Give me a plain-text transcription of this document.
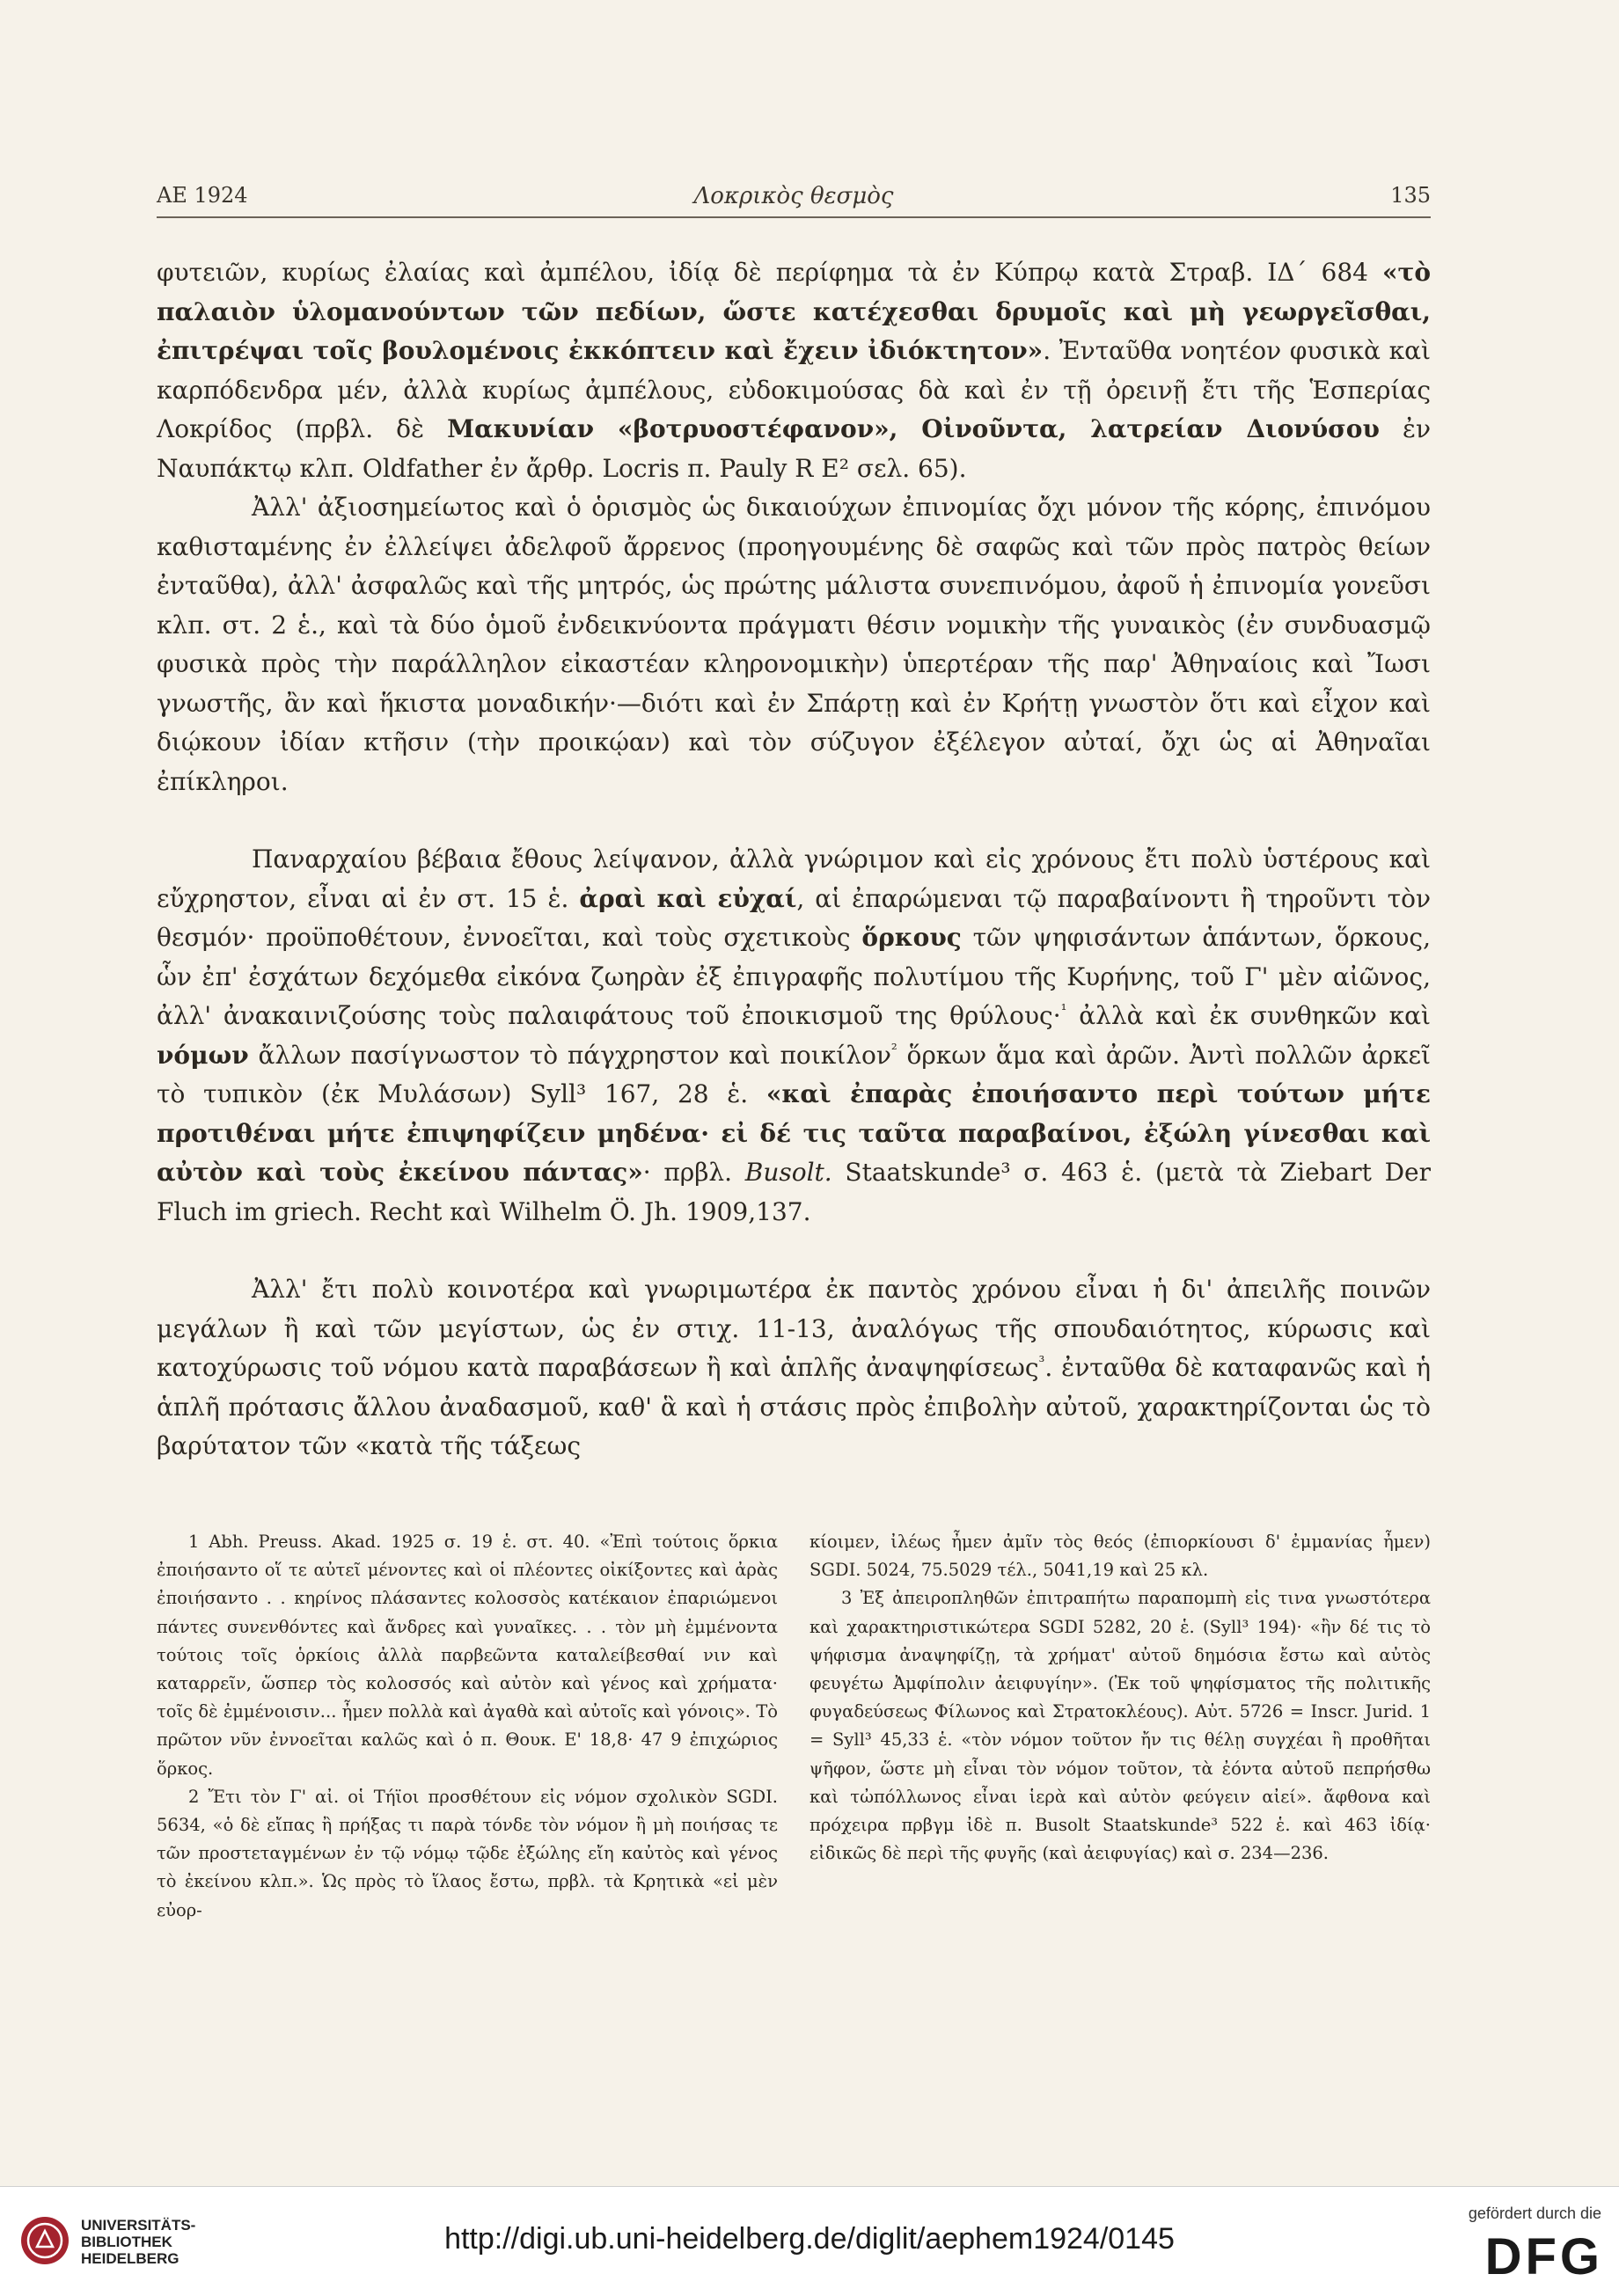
ΑΕ 1924	Λοκρικὸς θεσμὸς	135

φυτειῶν, κυρίως ἐλαίας καὶ ἀμπέλου, ἰδίᾳ δὲ περίφημα τὰ ἐν Κύπρῳ κατὰ Στραβ. ΙΔ΄ 684 «τὸ παλαιὸν ὑλομανούντων τῶν πεδίων, ὥστε κατέχεσθαι δρυμοῖς καὶ μὴ γεωργεῖσθαι, ἐπιτρέψαι τοῖς βουλομένοις ἐκκόπτειν καὶ ἔχειν ἰδιόκτητον». Ἐνταῦθα νοητέον φυσικὰ καὶ καρπόδενδρα μέν, ἀλλὰ κυρίως ἀμπέλους, εὐδοκιμούσας δὰ καὶ ἐν τῇ ὀρεινῇ ἔτι τῆς Ἑσπερίας Λοκρίδος (πρβλ. δὲ Μακυνίαν «βοτρυοστέφανον», Οἰνοῦντα, λατρείαν Διονύσου ἐν Ναυπάκτῳ κλπ. Oldfather ἐν ἄρθρ. Locris π. Pauly R E² σελ. 65).

Ἀλλ' ἀξιοσημείωτος καὶ ὁ ὁρισμὸς ὡς δικαιούχων ἐπινομίας ὄχι μόνον τῆς κόρης, ἐπινόμου καθισταμένης ἐν ἐλλείψει ἀδελφοῦ ἄρρενος (προηγουμένης δὲ σαφῶς καὶ τῶν πρὸς πατρὸς θείων ἐνταῦθα), ἀλλ' ἀσφαλῶς καὶ τῆς μητρός, ὡς πρώτης μάλιστα συνεπινόμου, ἀφοῦ ἡ ἐπινομία γονεῦσι κλπ. στ. 2 ἑ., καὶ τὰ δύο ὁμοῦ ἐνδεικνύοντα πράγματι θέσιν νομικὴν τῆς γυναικὸς (ἐν συνδυασμῷ φυσικὰ πρὸς τὴν παράλληλον εἰκαστέαν κληρονομικὴν) ὑπερτέραν τῆς παρ' Ἀθηναίοις καὶ Ἴωσι γνωστῆς, ἂν καὶ ἥκιστα μοναδικήν·—διότι καὶ ἐν Σπάρτῃ καὶ ἐν Κρήτῃ γνωστὸν ὅτι καὶ εἶχον καὶ διῴκουν ἰδίαν κτῆσιν (τὴν προικῴαν) καὶ τὸν σύζυγον ἐξέλεγον αὐταί, ὄχι ὡς αἱ Ἀθηναῖαι ἐπίκληροι.

Παναρχαίου βέβαια ἔθους λείψανον, ἀλλὰ γνώριμον καὶ εἰς χρόνους ἔτι πολὺ ὑστέρους καὶ εὔχρηστον, εἶναι αἱ ἐν στ. 15 ἑ. ἀραὶ καὶ εὐχαί, αἱ ἐπαρώμεναι τῷ παραβαίνοντι ἢ τηροῦντι τὸν θεσμόν· προϋποθέτουν, ἐννοεῖται, καὶ τοὺς σχετικοὺς ὅρκους τῶν ψηφισάντων ἁπάντων, ὅρκους, ὧν ἐπ' ἐσχάτων δεχόμεθα εἰκόνα ζωηρὰν ἐξ ἐπιγραφῆς πολυτίμου τῆς Κυρήνης, τοῦ Γ' μὲν αἰῶνος, ἀλλ' ἀνακαινιζούσης τοὺς παλαιφάτους τοῦ ἐποικισμοῦ της θρύλους·$^{^1}$ ἀλλὰ καὶ ἐκ συνθηκῶν καὶ νόμων ἄλλων πασίγνωστον τὸ πάγχρηστον καὶ ποικίλον$^{^2}$ ὅρκων ἅμα καὶ ἀρῶν. Ἀντὶ πολλῶν ἀρκεῖ τὸ τυπικὸν (ἐκ Μυλάσων) Syll³ 167, 28 ἑ. «καὶ ἐπαρὰς ἐποιήσαντο περὶ τούτων μήτε προτιθέναι μήτε ἐπιψηφίζειν μηδένα· εἰ δέ τις ταῦτα παραβαίνοι, ἐξώλη γίνεσθαι καὶ αὐτὸν καὶ τοὺς ἐκείνου πάντας»· πρβλ. Busolt. Staatskunde³ σ. 463 ἑ. (μετὰ τὰ Ziebart Der Fluch im griech. Recht καὶ Wilhelm Ö. Jh. 1909,137.

Ἀλλ' ἔτι πολὺ κοινοτέρα καὶ γνωριμωτέρα ἐκ παντὸς χρόνου εἶναι ἡ δι' ἀπειλῆς ποινῶν μεγάλων ἢ καὶ τῶν μεγίστων, ὡς ἐν στιχ. 11-13, ἀναλόγως τῆς σπουδαιότητος, κύρωσις καὶ κατοχύρωσις τοῦ νόμου κατὰ παραβάσεων ἢ καὶ ἁπλῆς ἀναψηφίσεως$^{^3}$. ἐνταῦθα δὲ καταφανῶς καὶ ἡ ἁπλῆ πρότασις ἄλλου ἀναδασμοῦ, καθ' ἃ καὶ ἡ στάσις πρὸς ἐπιβολὴν αὐτοῦ, χαρακτηρίζονται ὡς τὸ βαρύτατον τῶν «κατὰ τῆς τάξεως

1 Abh. Preuss. Akad. 1925 σ. 19 ἑ. στ. 40. «Ἐπὶ τούτοις ὅρκια ἐποιήσαντο οἵ τε αὐτεῖ μένοντες καὶ οἱ πλέοντες οἰκίξοντες καὶ ἀρὰς ἐποιήσαντο . . κηρίνος πλάσαντες κολοσσὸς κατέκαιον ἐπαριώμενοι πάντες συνενθόντες καὶ ἄνδρες καὶ γυναῖκες. . . τὸν μὴ ἐμμένοντα τούτοις τοῖς ὁρκίοις ἀλλὰ παρβεῶντα καταλείβεσθαί νιν καὶ καταρρεῖν, ὥσπερ τὸς κολοσσός καὶ αὐτὸν καὶ γένος καὶ χρήματα· τοῖς δὲ ἐμμένοισιν... ἦμεν πολλὰ καὶ ἀγαθὰ καὶ αὐτοῖς καὶ γόνοις». Τὸ πρῶτον νῦν ἐννοεῖται καλῶς καὶ ὁ π. Θουκ. Ε' 18,8· 47 9 ἐπιχώριος ὅρκος.

2 Ἔτι τὸν Γ' αἰ. οἱ Τήϊοι προσθέτουν εἰς νόμον σχολικὸν SGDI. 5634, «ὁ δὲ εἴπας ἢ πρήξας τι παρὰ τόνδε τὸν νόμον ἢ μὴ ποιήσας τε τῶν προστεταγμένων ἐν τῷ νόμῳ τῷδε ἐξώλης εἴη καὐτὸς καὶ γένος τὸ ἐκείνου κλπ.». Ὡς πρὸς τὸ ἵλαος ἔστω, πρβλ. τὰ Κρητικὰ «εἰ μὲν εὐορ-

κίοιμεν, ἰλέως ἦμεν ἀμῖν τὸς θεός (ἐπιορκίουσι δ' ἐμμανίας ἦμεν) SGDI. 5024, 75.5029 τέλ., 5041,19 καὶ 25 κλ.

3 Ἐξ ἀπειροπληθῶν ἐπιτραπήτω παραπομπὴ εἰς τινα γνωστότερα καὶ χαρακτηριστικώτερα SGDI 5282, 20 ἑ. (Syll³ 194)· «ἢν δέ τις τὸ ψήφισμα ἀναψηφίζῃ, τὰ χρήματ' αὐτοῦ δημόσια ἔστω καὶ αὐτὸς φευγέτω Ἀμφίπολιν ἀειφυγίην». (Ἐκ τοῦ ψηφίσματος τῆς πολιτικῆς φυγαδεύσεως Φίλωνος καὶ Στρατοκλέους). Αὐτ. 5726 = Inscr. Jurid. 1 = Syll³ 45,33 ἑ. «τὸν νόμον τοῦτον ἤν τις θέλῃ συγχέαι ἢ προθῆται ψῆφον, ὥστε μὴ εἶναι τὸν νόμον τοῦτον, τὰ ἐόντα αὐτοῦ πεπρήσθω καὶ τὠπόλλωνος εἶναι ἱερὰ καὶ αὐτὸν φεύγειν αἰεί». ἄφθονα καὶ πρόχειρα πρβγμ ἰδὲ π. Busolt Staatskunde³ 522 ἑ. καὶ 463 ἰδίᾳ· εἰδικῶς δὲ περὶ τῆς φυγῆς (καὶ ἀειφυγίας) καὶ σ. 234—236.

UNIVERSITÄTS-
BIBLIOTHEK
HEIDELBERG
http://digi.ub.uni-heidelberg.de/diglit/aephem1924/0145
gefördert durch die
DFG
